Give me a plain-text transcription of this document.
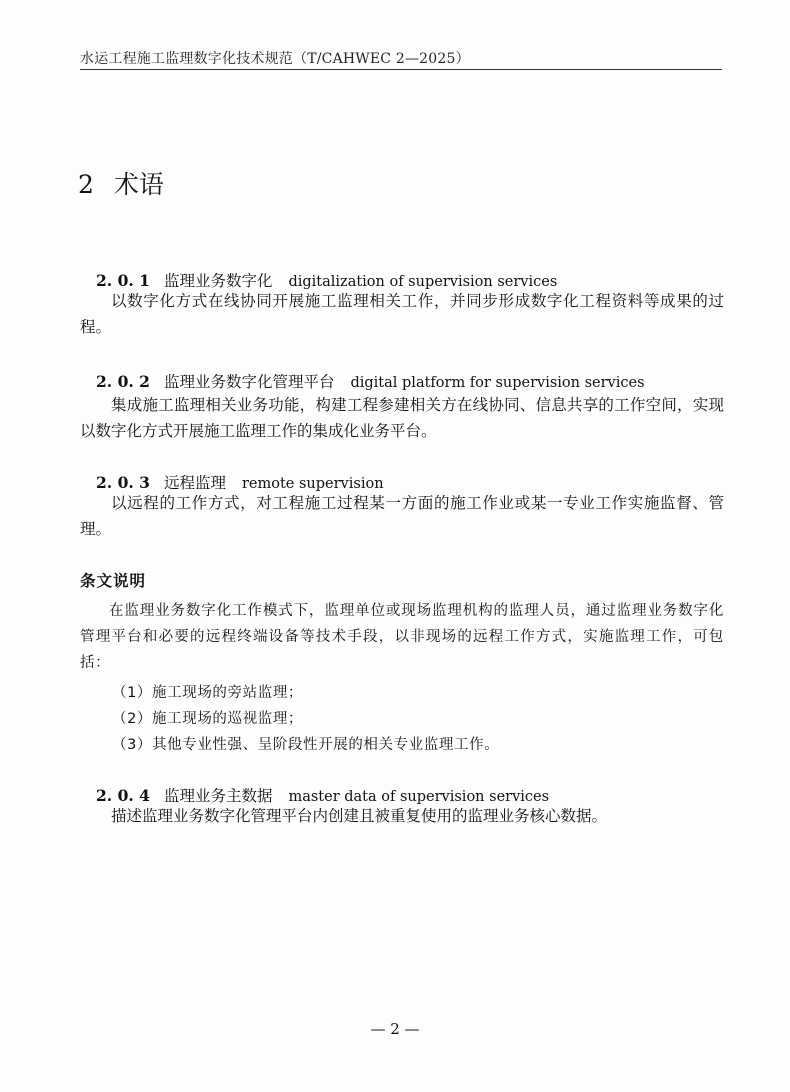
水运工程施工监理数字化技术规范（T/CAHWEC 2—2025）
2 术语
2. 0. 1 监理业务数字化 digitalization of supervision services
以数字化方式在线协同开展施工监理相关工作，并同步形成数字化工程资料等成果的过程。
2. 0. 2 监理业务数字化管理平台 digital platform for supervision services
集成施工监理相关业务功能，构建工程参建相关方在线协同、信息共享的工作空间，实现以数字化方式开展施工监理工作的集成化业务平台。
2. 0. 3 远程监理 remote supervision
以远程的工作方式，对工程施工过程某一方面的施工作业或某一专业工作实施监督、管理。
条文说明
在监理业务数字化工作模式下，监理单位或现场监理机构的监理人员，通过监理业务数字化管理平台和必要的远程终端设备等技术手段，以非现场的远程工作方式，实施监理工作，可包括：
（1）施工现场的旁站监理；
（2）施工现场的巡视监理；
（3）其他专业性强、呈阶段性开展的相关专业监理工作。
2. 0. 4 监理业务主数据 master data of supervision services
描述监理业务数字化管理平台内创建且被重复使用的监理业务核心数据。
— 2 —
